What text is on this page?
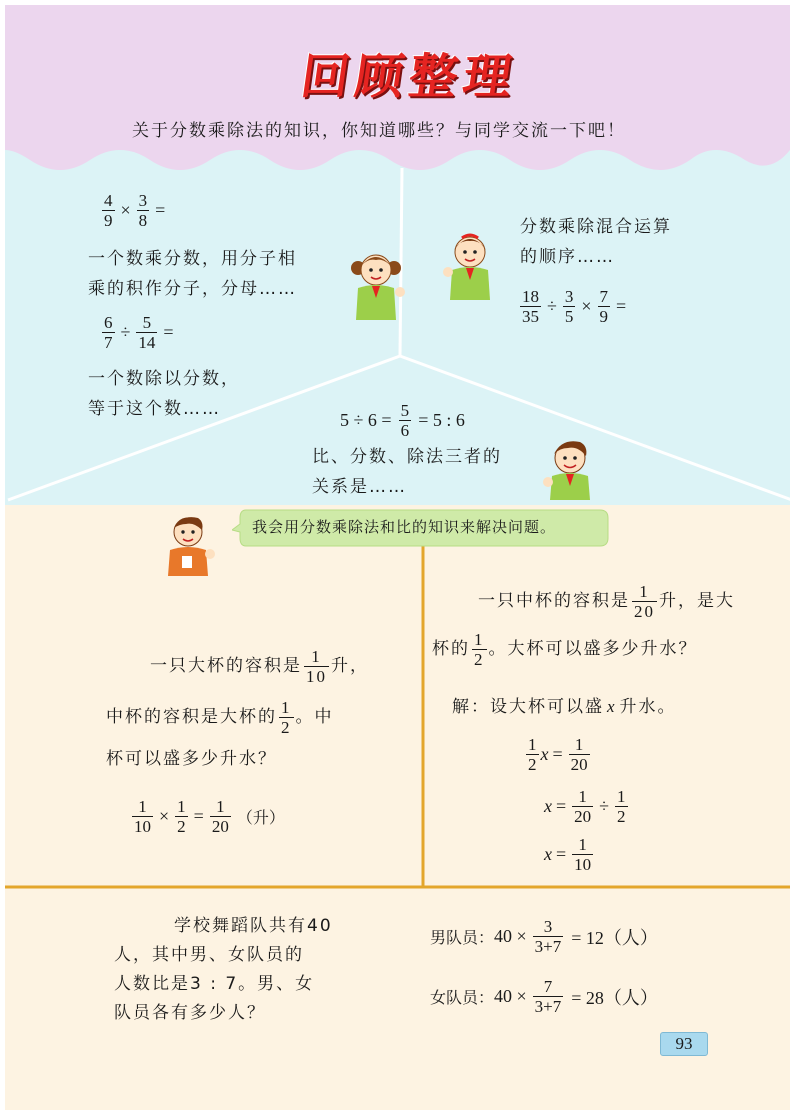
回顾整理
关于分数乘除法的知识，你知道哪些？与同学交流一下吧！
$\frac{4}{9} \times \frac{3}{8}$ =
一个数乘分数，用分子相
乘的积作分子，分母……
$\frac{6}{7} \div \frac{5}{14}$ =
一个数除以分数，
等于这个数……
分数乘除混合运算
的顺序……
$\frac{18}{35} \div \frac{3}{5} \times \frac{7}{9}$ =
$5 \div 6 = \frac{5}{6} = 5$ : 6
比、分数、除法三者的
关系是……
我会用分数乘除法和比的知识来解决问题。
一只大杯的容积是 $\frac{1}{10}$ 升，
中杯的容积是大杯的 $\frac{1}{2}$ 。中
杯可以盛多少升水？
$\frac{1}{10} \times \frac{1}{2} = \frac{1}{20}$ （升）
一只中杯的容积是 $\frac{1}{20}$ 升，是大
杯的 $\frac{1}{2}$ 。大杯可以盛多少升水？
解：设大杯可以盛 x 升水。
$\frac{1}{2}$ $x = \frac{1}{20}$
$x = \frac{1}{20} \div \frac{1}{2}$
$x = \frac{1}{10}$
学校舞蹈队共有40
人，其中男、女队员的
人数比是3 : 7。男、女
队员各有多少人？
男队员：$40 \times \frac{3}{3+7} = 12$（人）
女队员：$40 \times \frac{7}{3+7} = 28$（人）
93
